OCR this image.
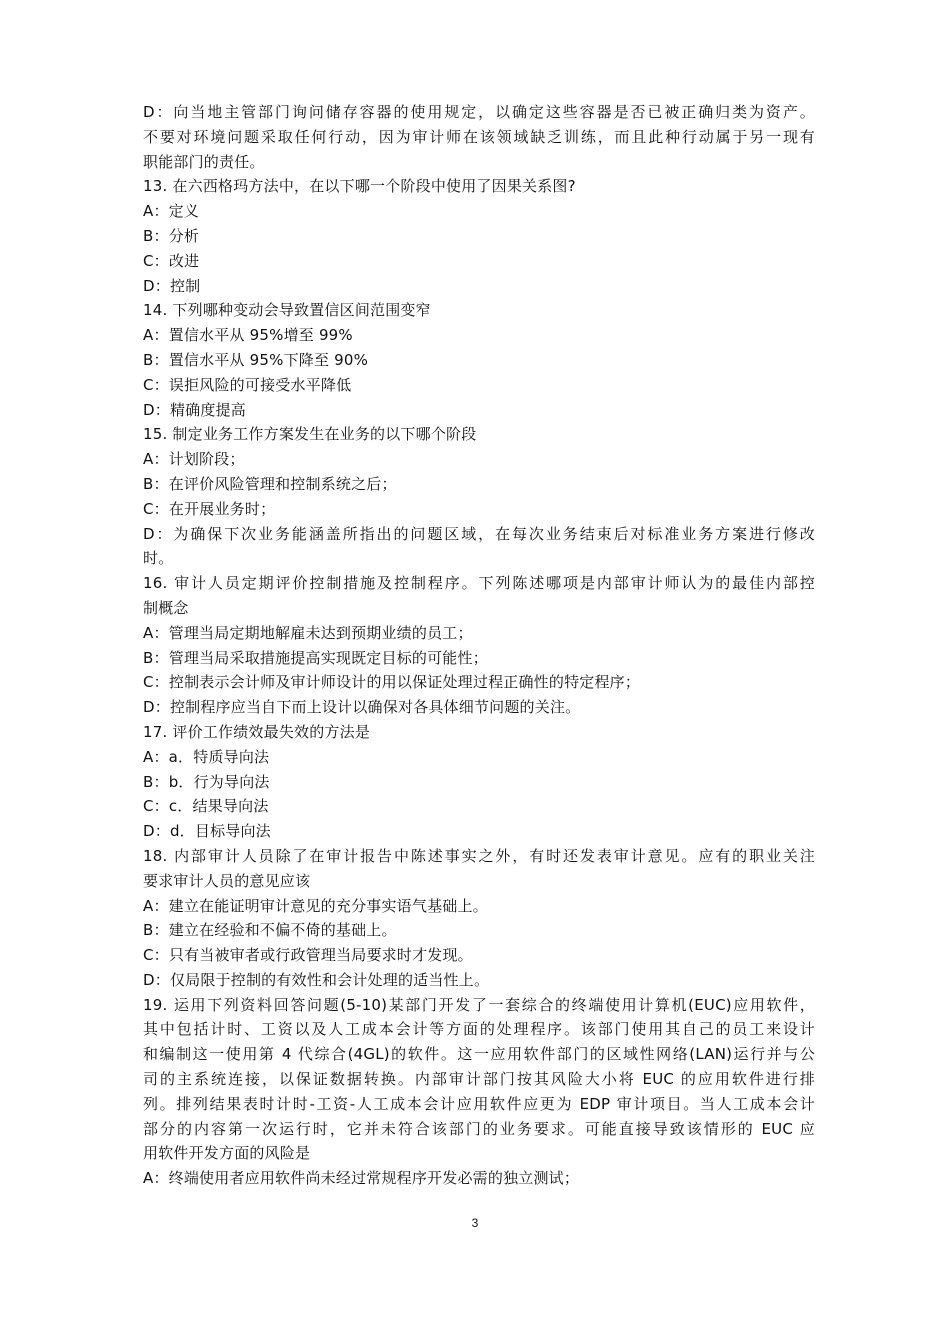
D：向当地主管部门询问储存容器的使用规定，以确定这些容器是否已被正确归类为资产。
不要对环境问题采取任何行动，因为审计师在该领域缺乏训练，而且此种行动属于另一现有
职能部门的责任。
13. 在六西格玛方法中，在以下哪一个阶段中使用了因果关系图?
A：定义
B：分析
C：改进
D：控制
14. 下列哪种变动会导致置信区间范围变窄
A：置信水平从 95%增至 99%
B：置信水平从 95%下降至 90%
C：误拒风险的可接受水平降低
D：精确度提高
15. 制定业务工作方案发生在业务的以下哪个阶段
A：计划阶段；
B：在评价风险管理和控制系统之后；
C：在开展业务时；
D：为确保下次业务能涵盖所指出的问题区域，在每次业务结束后对标准业务方案进行修改
时。
16. 审计人员定期评价控制措施及控制程序。下列陈述哪项是内部审计师认为的最佳内部控
制概念
A：管理当局定期地解雇未达到预期业绩的员工；
B：管理当局采取措施提高实现既定目标的可能性；
C：控制表示会计师及审计师设计的用以保证处理过程正确性的特定程序；
D：控制程序应当自下而上设计以确保对各具体细节问题的关注。
17. 评价工作绩效最失效的方法是
A：a．特质导向法
B：b．行为导向法
C：c．结果导向法
D：d．目标导向法
18. 内部审计人员除了在审计报告中陈述事实之外，有时还发表审计意见。应有的职业关注
要求审计人员的意见应该
A：建立在能证明审计意见的充分事实语气基础上。
B：建立在经验和不偏不倚的基础上。
C：只有当被审者或行政管理当局要求时才发现。
D：仅局限于控制的有效性和会计处理的适当性上。
19. 运用下列资料回答问题(5-10)某部门开发了一套综合的终端使用计算机(EUC)应用软件，
其中包括计时、工资以及人工成本会计等方面的处理程序。该部门使用其自己的员工来设计
和编制这一使用第 4 代综合(4GL)的软件。这一应用软件部门的区域性网络(LAN)运行并与公
司的主系统连接，以保证数据转换。内部审计部门按其风险大小将 EUC 的应用软件进行排
列。排列结果表时计时-工资-人工成本会计应用软件应更为 EDP 审计项目。当人工成本会计
部分的内容第一次运行时，它并未符合该部门的业务要求。可能直接导致该情形的 EUC 应
用软件开发方面的风险是
A：终端使用者应用软件尚未经过常规程序开发必需的独立测试；
3
